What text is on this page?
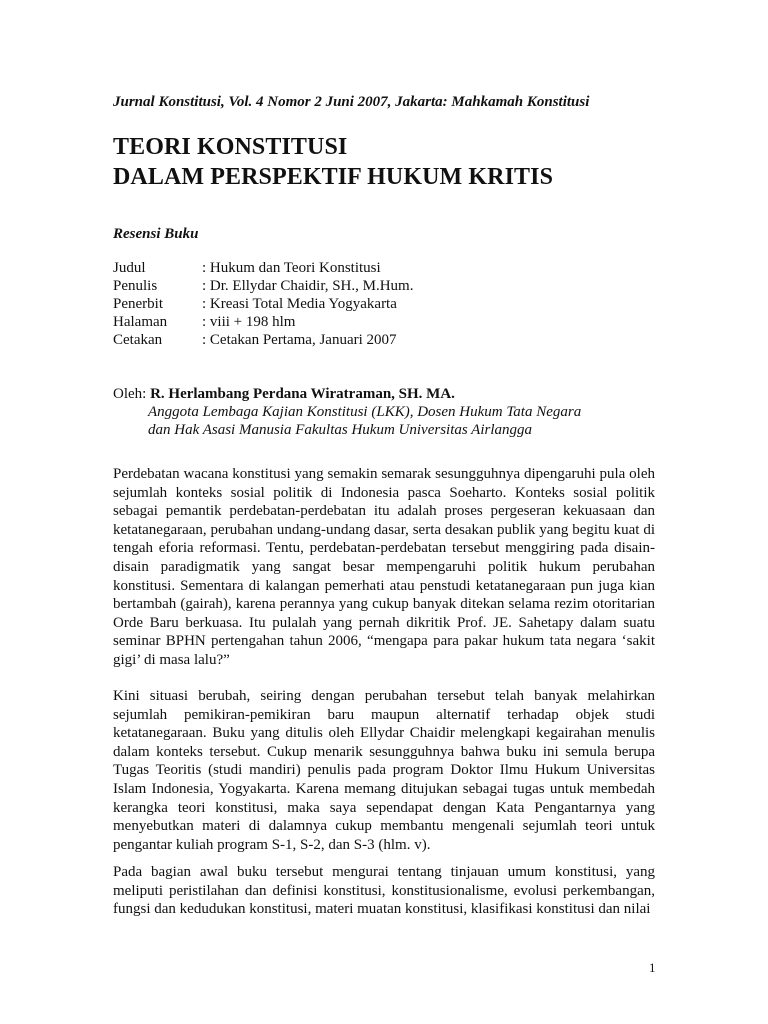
Jurnal Konstitusi, Vol. 4 Nomor 2 Juni 2007, Jakarta: Mahkamah Konstitusi
TEORI KONSTITUSI
DALAM PERSPEKTIF HUKUM KRITIS
Resensi Buku
Judul	: Hukum dan Teori Konstitusi
Penulis	: Dr. Ellydar Chaidir, SH., M.Hum.
Penerbit	: Kreasi Total Media Yogyakarta
Halaman : viii + 198 hlm
Cetakan	: Cetakan Pertama, Januari 2007
Oleh: R. Herlambang Perdana Wiratraman, SH. MA.
Anggota Lembaga Kajian Konstitusi (LKK), Dosen Hukum Tata Negara
dan Hak Asasi Manusia Fakultas Hukum Universitas Airlangga

Perdebatan wacana konstitusi yang semakin semarak sesungguhnya dipengaruhi pula oleh sejumlah konteks sosial politik di Indonesia pasca Soeharto. Konteks sosial politik sebagai pemantik perdebatan-perdebatan itu adalah proses pergeseran kekuasaan dan ketatanegaraan, perubahan undang-undang dasar, serta desakan publik yang begitu kuat di tengah eforia reformasi. Tentu, perdebatan-perdebatan tersebut menggiring pada disain-disain paradigmatik yang sangat besar mempengaruhi politik hukum perubahan konstitusi. Sementara di kalangan pemerhati atau penstudi ketatanegaraan pun juga kian bertambah (gairah), karena perannya yang cukup banyak ditekan selama rezim otoritarian Orde Baru berkuasa. Itu pulalah yang pernah dikritik Prof. JE. Sahetapy dalam suatu seminar BPHN pertengahan tahun 2006, “mengapa para pakar hukum tata negara ‘sakit gigi’ di masa lalu?”

Kini situasi berubah, seiring dengan perubahan tersebut telah banyak melahirkan sejumlah pemikiran-pemikiran baru maupun alternatif terhadap objek studi ketatanegaraan. Buku yang ditulis oleh Ellydar Chaidir melengkapi kegairahan menulis dalam konteks tersebut. Cukup menarik sesungguhnya bahwa buku ini semula berupa Tugas Teoritis (studi mandiri) penulis pada program Doktor Ilmu Hukum Universitas Islam Indonesia, Yogyakarta. Karena memang ditujukan sebagai tugas untuk membedah kerangka teori konstitusi, maka saya sependapat dengan Kata Pengantarnya yang menyebutkan materi di dalamnya cukup membantu mengenali sejumlah teori untuk pengantar kuliah program S-1, S-2, dan S-3 (hlm. v).

Pada bagian awal buku tersebut mengurai tentang tinjauan umum konstitusi, yang meliputi peristilahan dan definisi konstitusi, konstitusionalisme, evolusi perkembangan, fungsi dan kedudukan konstitusi, materi muatan konstitusi, klasifikasi konstitusi dan nilai

1
